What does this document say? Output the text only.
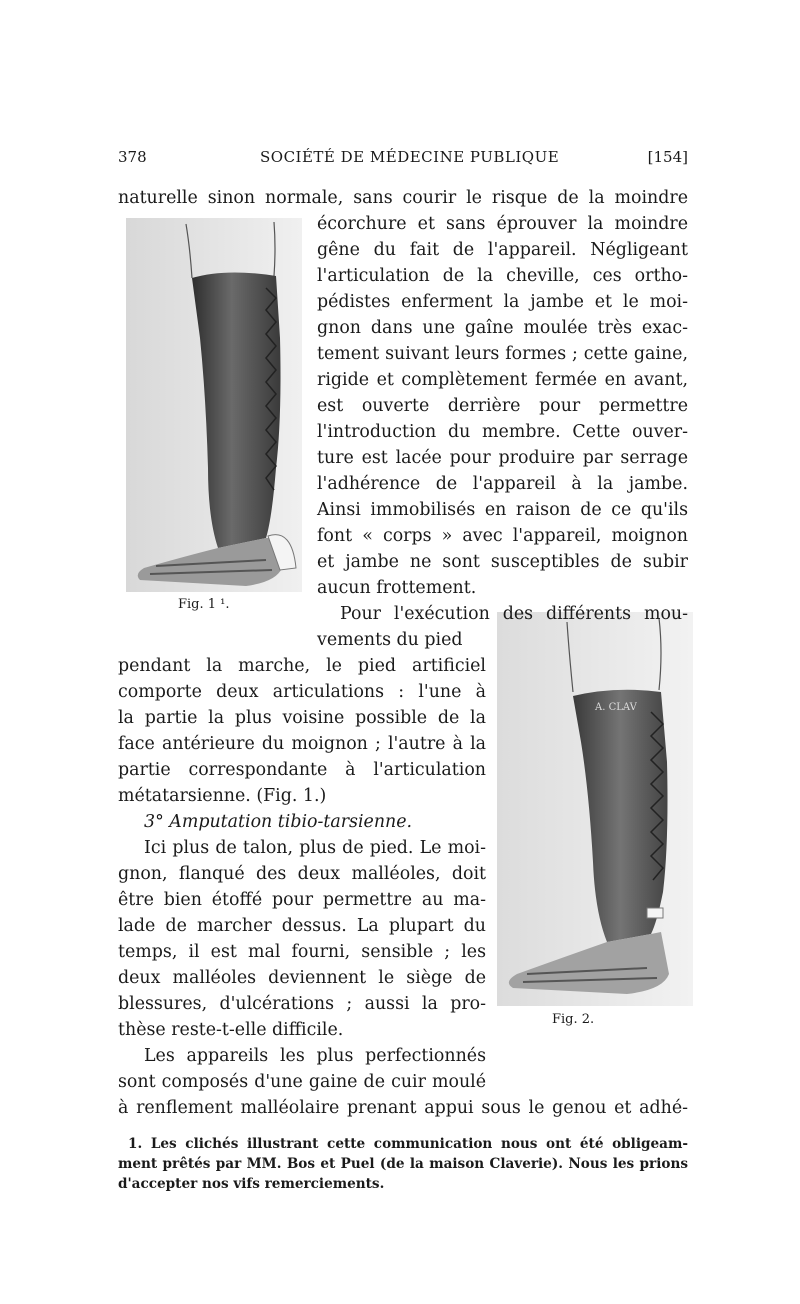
378	SOCIÉTÉ DE MÉDECINE PUBLIQUE	[154]
Fig. 1 ¹.
A. CLAV
Fig. 2.
naturelle sinon normale, sans courir le risque de la moindre
écorchure et sans éprouver la moindre
gêne du fait de l'appareil. Négligeant
l'articulation de la cheville, ces ortho-
pédistes enferment la jambe et le moi-
gnon dans une gaîne moulée très exac-
tement suivant leurs formes ; cette gaine,
rigide et complètement fermée en avant,
est ouverte derrière pour permettre
l'introduction du membre. Cette ouver-
ture est lacée pour produire par serrage
l'adhérence de l'appareil à la jambe.
Ainsi immobilisés en raison de ce qu'ils
font « corps » avec l'appareil, moignon
et jambe ne sont susceptibles de subir
aucun frottement.
Pour l'exécution des différents mou-
vements du pied
pendant la marche, le pied artificiel
comporte deux articulations : l'une à
la partie la plus voisine possible de la
face antérieure du moignon ; l'autre à la
partie correspondante à l'articulation
métatarsienne. (Fig. 1.)
3° Amputation tibio-tarsienne.
Ici plus de talon, plus de pied. Le moi-
gnon, flanqué des deux malléoles, doit
être bien étoffé pour permettre au ma-
lade de marcher dessus. La plupart du
temps, il est mal fourni, sensible ; les
deux malléoles deviennent le siège de
blessures, d'ulcérations ; aussi la pro-
thèse reste-t-elle difficile.
Les appareils les plus perfectionnés
sont composés d'une gaine de cuir moulé
à renflement malléolaire prenant appui sous le genou et adhé-
1. Les clichés illustrant cette communication nous ont été obligeam-
ment prêtés par MM. Bos et Puel (de la maison Claverie). Nous les prions
d'accepter nos vifs remerciements.
